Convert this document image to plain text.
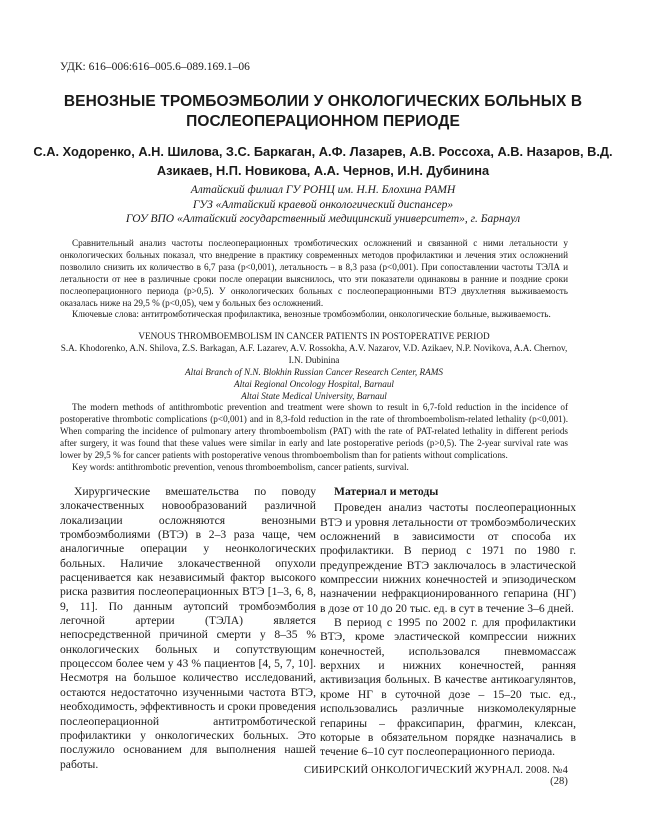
УДК: 616–006:616–005.6–089.169.1–06
ВЕНОЗНЫЕ ТРОМБОЭМБОЛИИ У ОНКОЛОГИЧЕСКИХ БОЛЬНЫХ В ПОСЛЕОПЕРАЦИОННОМ ПЕРИОДЕ
С.А. Ходоренко, А.Н. Шилова, З.С. Баркаган, А.Ф. Лазарев, А.В. Россоха, А.В. Назаров, В.Д. Азикаев, Н.П. Новикова, А.А. Чернов, И.Н. Дубинина
Алтайский филиал ГУ РОНЦ им. Н.Н. Блохина РАМН
ГУЗ «Алтайский краевой онкологический диспансер»
ГОУ ВПО «Алтайский государственный медицинский университет», г. Барнаул

Сравнительный анализ частоты послеоперационных тромботических осложнений и связанной с ними летальности у онкологических больных показал, что внедрение в практику современных методов профилактики и лечения этих осложнений позволило снизить их количество в 6,7 раза (р<0,001), летальность – в 8,3 раза (р<0,001). При сопоставлении частоты ТЭЛА и летальности от нее в различные сроки после операции выяснилось, что эти показатели одинаковы в ранние и поздние сроки послеоперационного периода (р>0,5). У онкологических больных с послеоперационными ВТЭ двухлетняя выживаемость оказалась ниже на 29,5 % (р<0,05), чем у больных без осложнений.

Ключевые слова: антитромботическая профилактика, венозные тромбоэмболии, онкологические больные, выживаемость.

VENOUS THROMBOEMBOLISM IN CANCER PATIENTS IN POSTOPERATIVE PERIOD
S.A. Khodorenko, A.N. Shilova, Z.S. Barkagan, A.F. Lazarev, A.V. Rossokha, A.V. Nazarov, V.D. Azikaev, N.P. Novikova, A.A. Chernov, I.N. Dubinina
Altai Branch of N.N. Blokhin Russian Cancer Research Center, RAMS
Altai Regional Oncology Hospital, Barnaul
Altai State Medical University, Barnaul

The modern methods of antithrombotic prevention and treatment were shown to result in 6,7-fold reduction in the incidence of postoperative thrombotic complications (p<0,001) and in 8,3-fold reduction in the rate of thromboembolism-related lethality (p<0,001). When comparing the incidence of pulmonary artery thromboembolism (PAT) with the rate of PAT-related lethality in different periods after surgery, it was found that these values were similar in early and late postoperative periods (p>0,5). The 2-year survival rate was lower by 29,5 % for cancer patients with postoperative venous thromboembolism than for patients without complications.

Key words: antithrombotic prevention, venous thromboembolism, cancer patients, survival.

Хирургические вмешательства по поводу злокачественных новообразований различной локализации осложняются венозными тромбоэмболиями (ВТЭ) в 2–3 раза чаще, чем аналогичные операции у неонкологических больных. Наличие злокачественной опухоли расценивается как независимый фактор высокого риска развития послеоперационных ВТЭ [1–3, 6, 8, 9, 11]. По данным аутопсий тромбоэмболия легочной артерии (ТЭЛА) является непосредственной причиной смерти у 8–35 % онкологических больных и сопутствующим процессом более чем у 43 % пациентов [4, 5, 7, 10]. Несмотря на большое количество исследований, остаются недостаточно изученными частота ВТЭ, необходимость, эффективность и сроки проведения послеоперационной антитромботической профилактики у онкологических больных. Это послужило основанием для выполнения нашей работы.

Материал и методы

Проведен анализ частоты послеоперационных ВТЭ и уровня летальности от тромбоэмболических осложнений в зависимости от способа их профилактики. В период с 1971 по 1980 г. предупреждение ВТЭ заключалось в эластической компрессии нижних конечностей и эпизодическом назначении нефракционированного гепарина (НГ) в дозе от 10 до 20 тыс. ед. в сут в течение 3–6 дней.

В период с 1995 по 2002 г. для профилактики ВТЭ, кроме эластической компрессии нижних конечностей, использовался пневмомассаж верхних и нижних конечностей, ранняя активизация больных. В качестве антикоагулянтов, кроме НГ в суточной дозе – 15–20 тыс. ед., использовались различные низкомолекулярные гепарины – фраксипарин, фрагмин, клексан, которые в обязательном порядке назначались в течение 6–10 сут послеоперационного периода.

СИБИРСКИЙ ОНКОЛОГИЧЕСКИЙ ЖУРНАЛ. 2008. №4 (28)
